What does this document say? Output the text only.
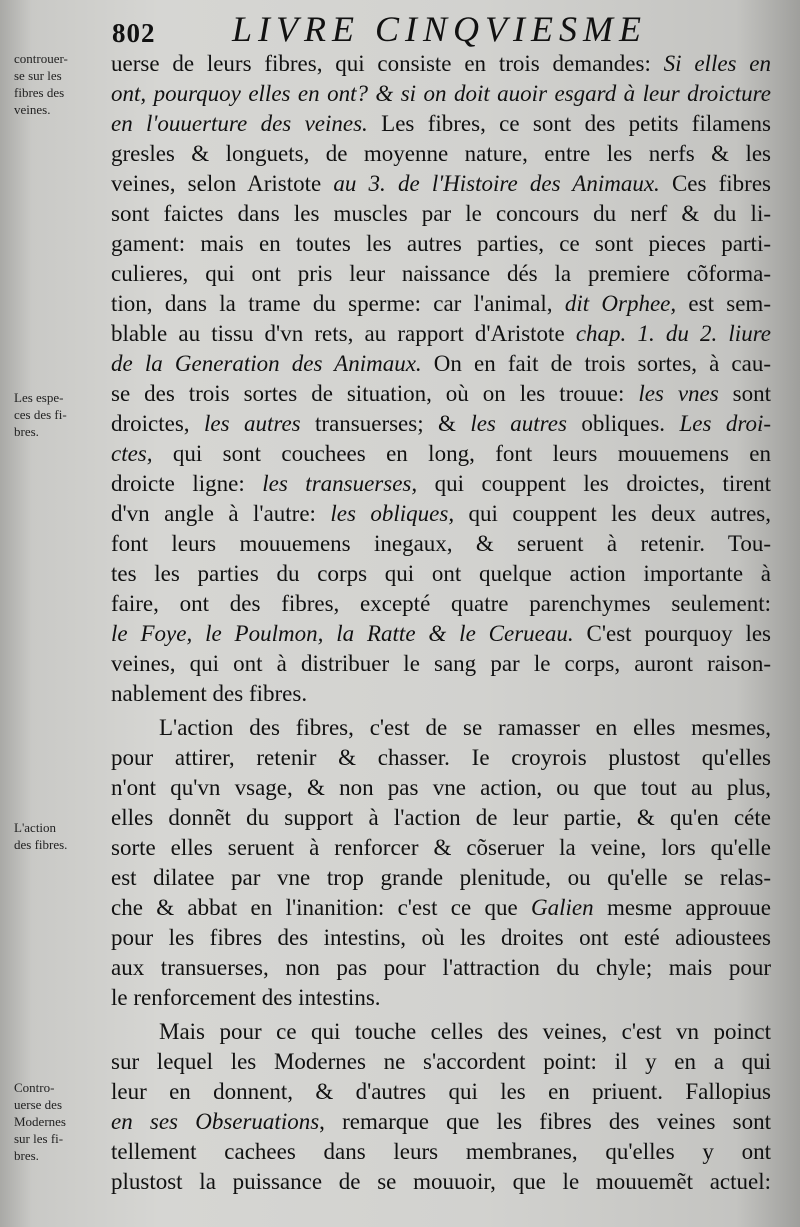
802 LIVRE CINQVIESME
controuer-
se sur les
fibres des
veines.
Les espe-
ces des fi-
bres.
L'action
des fibres.
Contro-
uerse des
Modernes
sur les fi-
bres.
uerse de leurs fibres, qui consiste en trois demandes: Si elles en
ont, pourquoy elles en ont? & si on doit auoir esgard à leur droicture
en l'ouuerture des veines. Les fibres, ce sont des petits filamens
gresles & longuets, de moyenne nature, entre les nerfs & les
veines, selon Aristote au 3. de l'Histoire des Animaux. Ces fibres
sont faictes dans les muscles par le concours du nerf & du li-
gament: mais en toutes les autres parties, ce sont pieces parti-
culieres, qui ont pris leur naissance dés la premiere cõforma-
tion, dans la trame du sperme: car l'animal, dit Orphee, est sem-
blable au tissu d'vn rets, au rapport d'Aristote chap. 1. du 2. liure
de la Generation des Animaux. On en fait de trois sortes, à cau-
se des trois sortes de situation, où on les trouue: les vnes sont
droictes, les autres transuerses; & les autres obliques. Les droi-
ctes, qui sont couchees en long, font leurs mouuemens en
droicte ligne: les transuerses, qui couppent les droictes, tirent
d'vn angle à l'autre: les obliques, qui couppent les deux autres,
font leurs mouuemens inegaux, & seruent à retenir. Tou-
tes les parties du corps qui ont quelque action importante à
faire, ont des fibres, excepté quatre parenchymes seulement:
le Foye, le Poulmon, la Ratte & le Cerueau. C'est pourquoy les
veines, qui ont à distribuer le sang par le corps, auront raison-
nablement des fibres.
L'action des fibres, c'est de se ramasser en elles mesmes,
pour attirer, retenir & chasser. Ie croyrois plustost qu'elles
n'ont qu'vn vsage, & non pas vne action, ou que tout au plus,
elles donnẽt du support à l'action de leur partie, & qu'en céte
sorte elles seruent à renforcer & cõseruer la veine, lors qu'elle
est dilatee par vne trop grande plenitude, ou qu'elle se relas-
che & abbat en l'inanition: c'est ce que Galien mesme approuue
pour les fibres des intestins, où les droites ont esté adioustees
aux transuerses, non pas pour l'attraction du chyle; mais pour
le renforcement des intestins.
Mais pour ce qui touche celles des veines, c'est vn poinct
sur lequel les Modernes ne s'accordent point: il y en a qui
leur en donnent, & d'autres qui les en priuent. Fallopius
en ses Obseruations, remarque que les fibres des veines sont
tellement cachees dans leurs membranes, qu'elles y ont
plustost la puissance de se mouuoir, que le mouuemẽt actuel:
